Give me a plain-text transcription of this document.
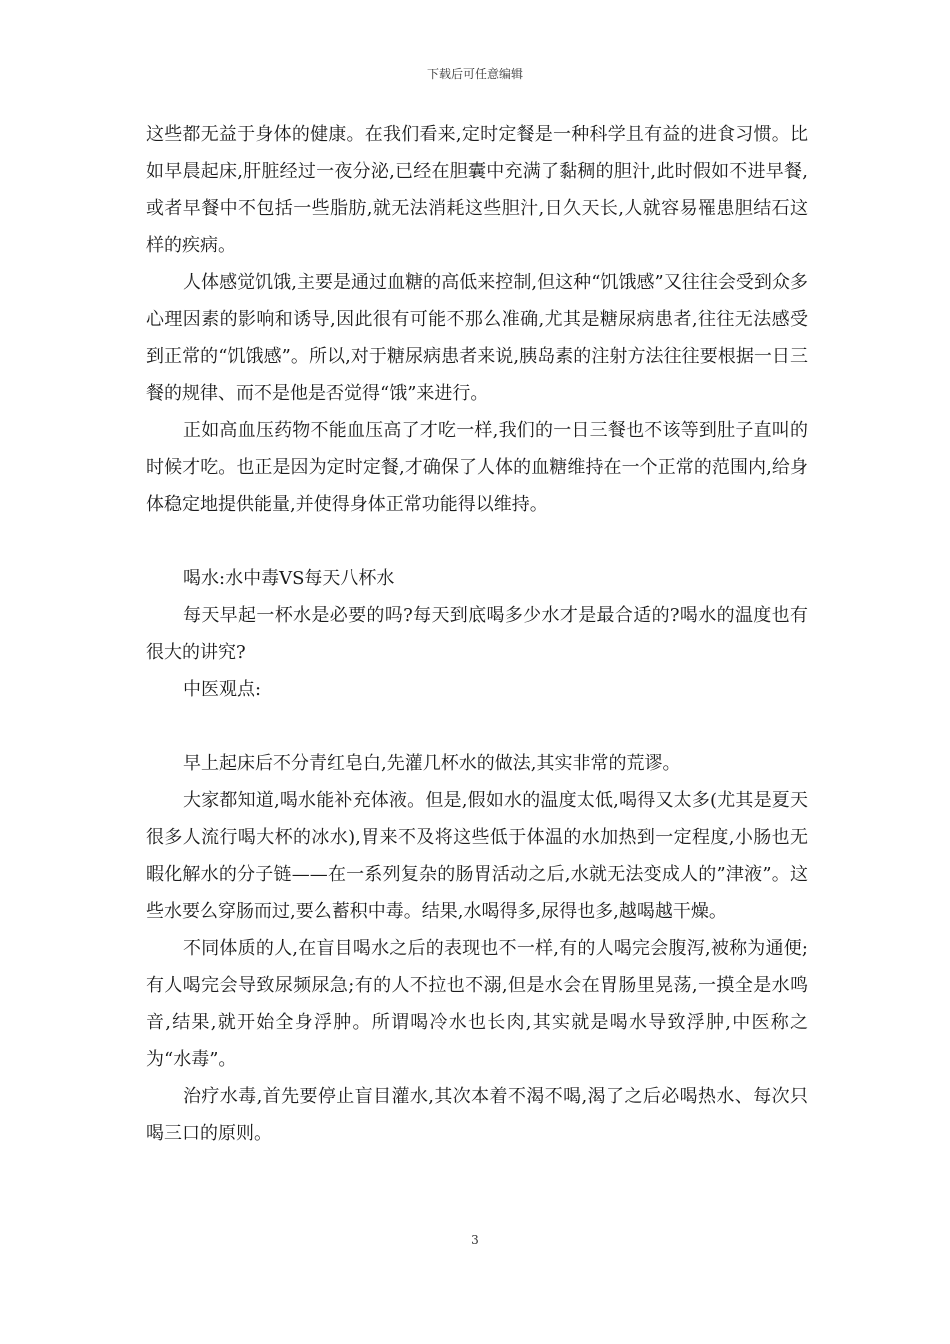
下载后可任意编辑

这些都无益于身体的健康。在我们看来,定时定餐是一种科学且有益的进食习惯。比如早晨起床,肝脏经过一夜分泌,已经在胆囊中充满了黏稠的胆汁,此时假如不进早餐,或者早餐中不包括一些脂肪,就无法消耗这些胆汁,日久天长,人就容易罹患胆结石这样的疾病。

人体感觉饥饿,主要是通过血糖的高低来控制,但这种“饥饿感”又往往会受到众多心理因素的影响和诱导,因此很有可能不那么准确,尤其是糖尿病患者,往往无法感受到正常的“饥饿感”。所以,对于糖尿病患者来说,胰岛素的注射方法往往要根据一日三餐的规律、而不是他是否觉得“饿”来进行。

正如高血压药物不能血压高了才吃一样,我们的一日三餐也不该等到肚子直叫的时候才吃。也正是因为定时定餐,才确保了人体的血糖维持在一个正常的范围内,给身体稳定地提供能量,并使得身体正常功能得以维持。

喝水:水中毒VS每天八杯水

每天早起一杯水是必要的吗?每天到底喝多少水才是最合适的?喝水的温度也有很大的讲究?

中医观点:

早上起床后不分青红皂白,先灌几杯水的做法,其实非常的荒谬。

大家都知道,喝水能补充体液。但是,假如水的温度太低,喝得又太多(尤其是夏天很多人流行喝大杯的冰水),胃来不及将这些低于体温的水加热到一定程度,小肠也无暇化解水的分子链——在一系列复杂的肠胃活动之后,水就无法变成人的”津液”。这些水要么穿肠而过,要么蓄积中毒。结果,水喝得多,尿得也多,越喝越干燥。

不同体质的人,在盲目喝水之后的表现也不一样,有的人喝完会腹泻,被称为通便;有人喝完会导致尿频尿急;有的人不拉也不溺,但是水会在胃肠里晃荡,一摸全是水鸣音,结果,就开始全身浮肿。所谓喝冷水也长肉,其实就是喝水导致浮肿,中医称之为“水毒”。

治疗水毒,首先要停止盲目灌水,其次本着不渴不喝,渴了之后必喝热水、每次只喝三口的原则。

3
